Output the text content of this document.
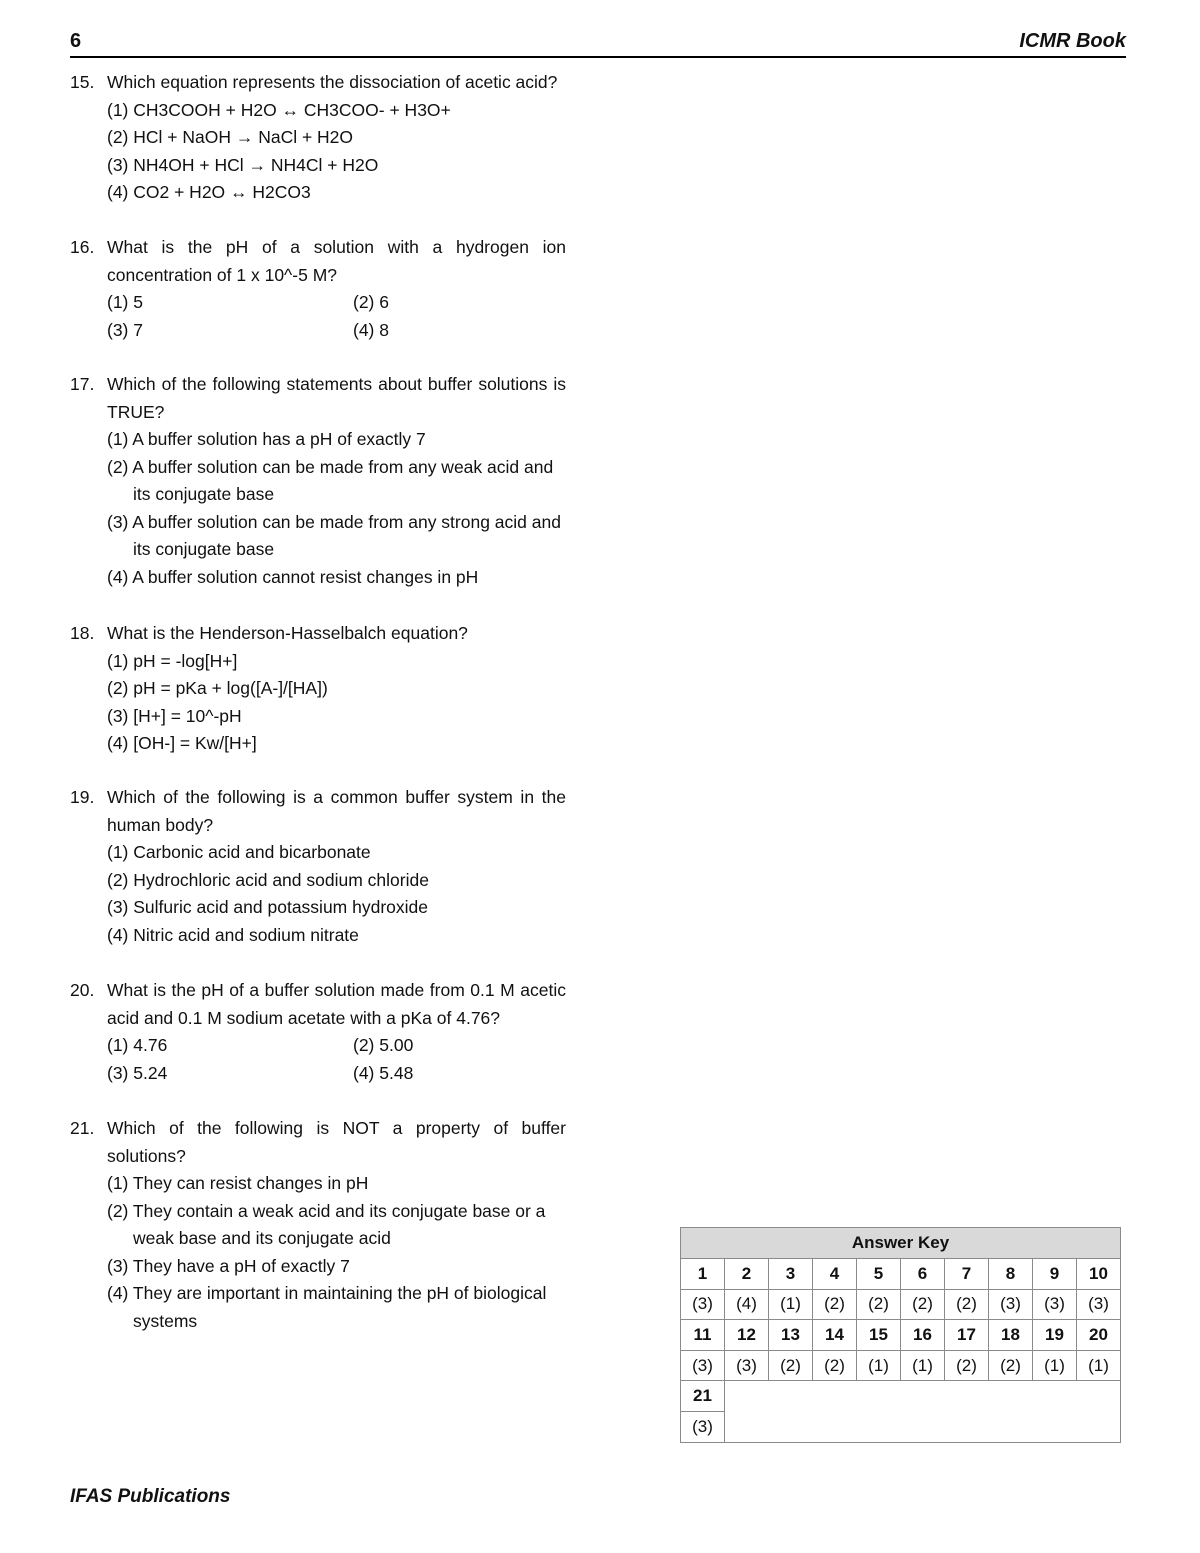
6	ICMR Book
15. Which equation represents the dissociation of acetic acid?
(1) CH3COOH + H2O ↔ CH3COO- + H3O+
(2) HCl + NaOH → NaCl + H2O
(3) NH4OH + HCl → NH4Cl + H2O
(4) CO2 + H2O ↔ H2CO3
16. What is the pH of a solution with a hydrogen ion concentration of 1 x 10^-5 M?
(1) 5	(2) 6
(3) 7	(4) 8
17. Which of the following statements about buffer solutions is TRUE?
(1) A buffer solution has a pH of exactly 7
(2) A buffer solution can be made from any weak acid and its conjugate base
(3) A buffer solution can be made from any strong acid and its conjugate base
(4) A buffer solution cannot resist changes in pH
18. What is the Henderson-Hasselbalch equation?
(1) pH = -log[H+]
(2) pH = pKa + log([A-]/[HA])
(3) [H+] = 10^-pH
(4) [OH-] = Kw/[H+]
19. Which of the following is a common buffer system in the human body?
(1) Carbonic acid and bicarbonate
(2) Hydrochloric acid and sodium chloride
(3) Sulfuric acid and potassium hydroxide
(4) Nitric acid and sodium nitrate
20. What is the pH of a buffer solution made from 0.1 M acetic acid and 0.1 M sodium acetate with a pKa of 4.76?
(1) 4.76	(2) 5.00
(3) 5.24	(4) 5.48
21. Which of the following is NOT a property of buffer solutions?
(1) They can resist changes in pH
(2) They contain a weak acid and its conjugate base or a weak base and its conjugate acid
(3) They have a pH of exactly 7
(4) They are important in maintaining the pH of biological systems
Answer Key									
1	2	3	4	5	6	7	8	9	10
(3)	(4)	(1)	(2)	(2)	(2)	(2)	(3)	(3)	(3)
11	12	13	14	15	16	17	18	19	20
(3)	(3)	(2)	(2)	(1)	(1)	(2)	(2)	(1)	(1)
21									
(3)									
IFAS Publications
